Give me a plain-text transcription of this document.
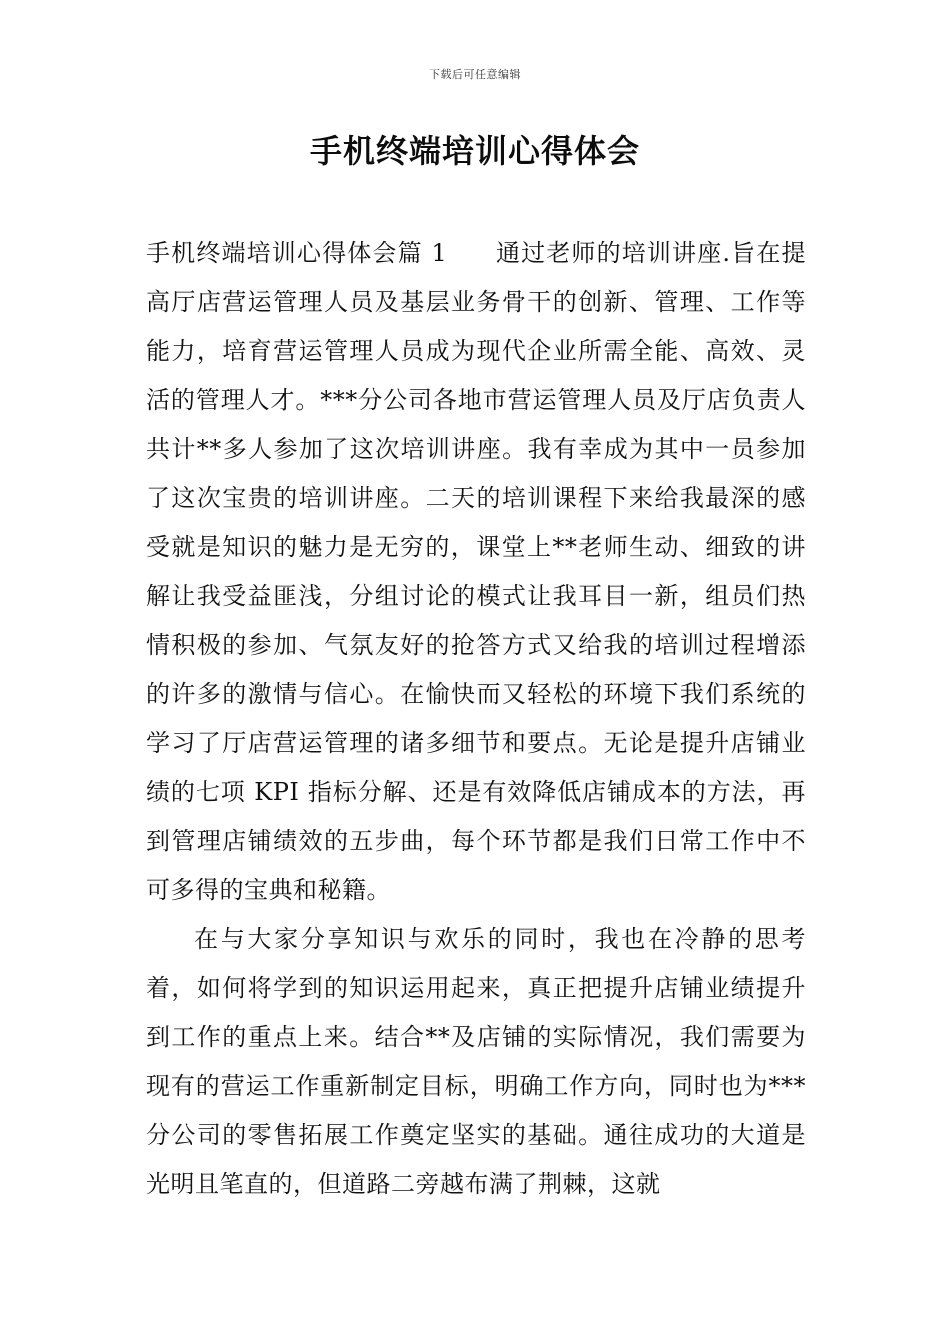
下载后可任意编辑
手机终端培训心得体会

手机终端培训心得体会篇 1 通过老师的培训讲座.旨在提高厅店营运管理人员及基层业务骨干的创新、管理、工作等能力，培育营运管理人员成为现代企业所需全能、高效、灵活的管理人才。***分公司各地市营运管理人员及厅店负责人共计**多人参加了这次培训讲座。我有幸成为其中一员参加了这次宝贵的培训讲座。二天的培训课程下来给我最深的感受就是知识的魅力是无穷的，课堂上**老师生动、细致的讲解让我受益匪浅，分组讨论的模式让我耳目一新，组员们热情积极的参加、气氛友好的抢答方式又给我的培训过程增添的许多的激情与信心。在愉快而又轻松的环境下我们系统的学习了厅店营运管理的诸多细节和要点。无论是提升店铺业绩的七项 KPI 指标分解、还是有效降低店铺成本的方法，再到管理店铺绩效的五步曲，每个环节都是我们日常工作中不可多得的宝典和秘籍。

在与大家分享知识与欢乐的同时，我也在冷静的思考着，如何将学到的知识运用起来，真正把提升店铺业绩提升到工作的重点上来。结合**及店铺的实际情况，我们需要为现有的营运工作重新制定目标，明确工作方向，同时也为***分公司的零售拓展工作奠定坚实的基础。通往成功的大道是光明且笔直的，但道路二旁越布满了荆棘，这就
